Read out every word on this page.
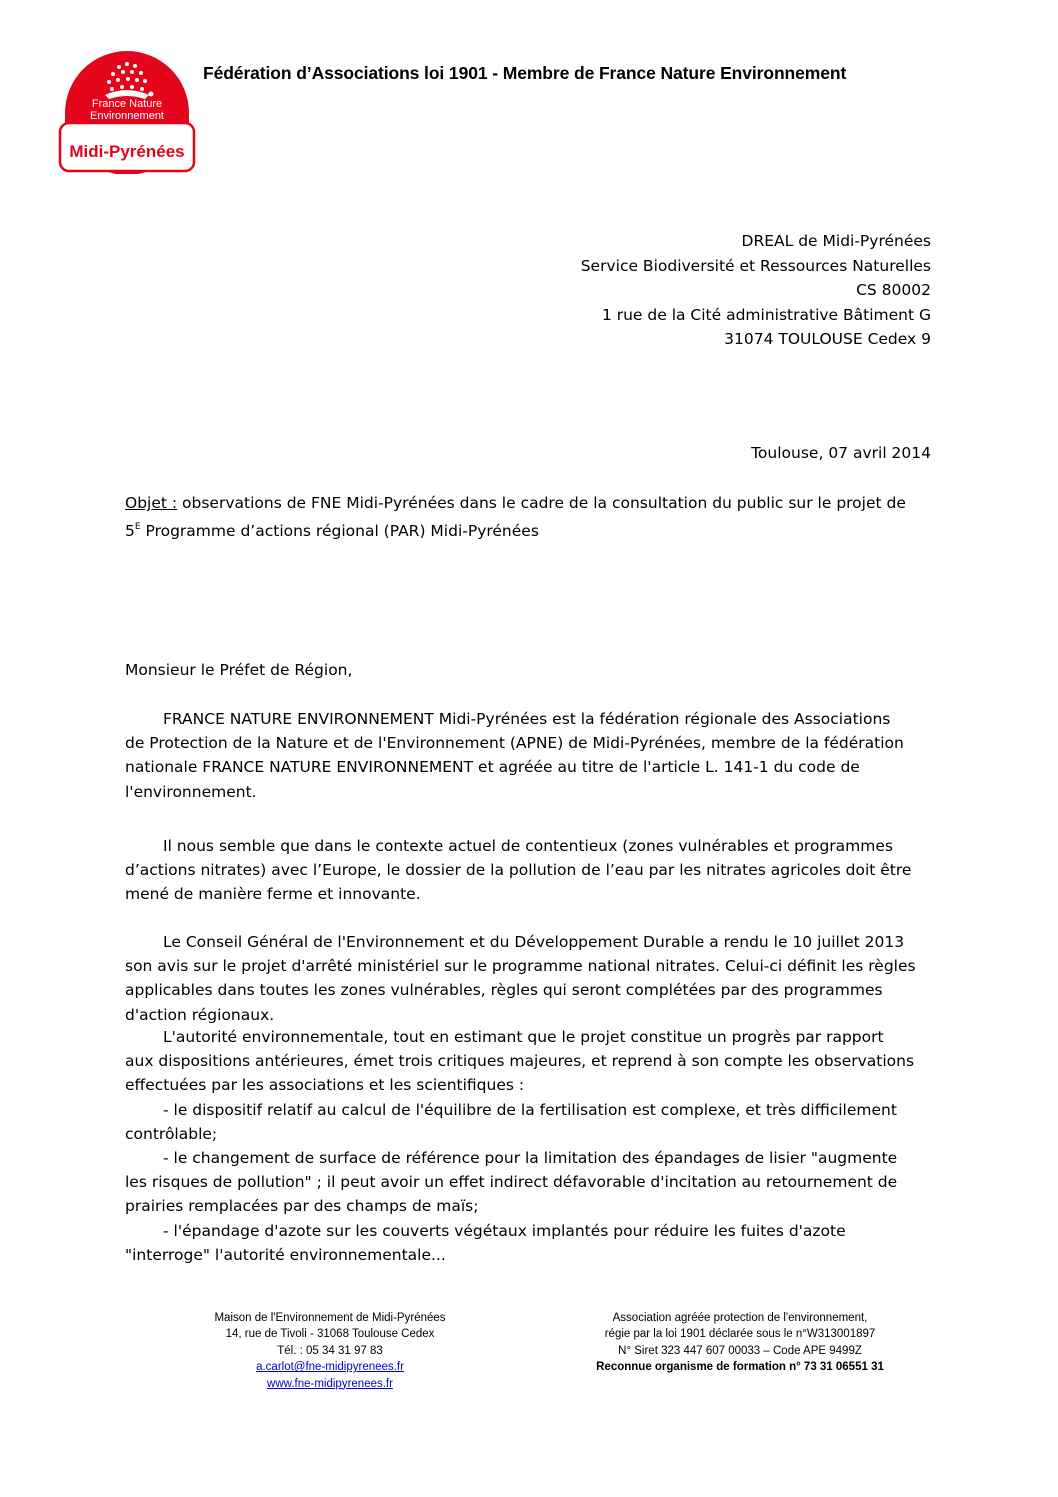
France Nature
Environnement
Midi-Pyrénées
Fédération d’Associations loi 1901 - Membre de France Nature Environnement
DREAL de Midi-Pyrénées
Service Biodiversité et Ressources Naturelles
CS 80002
1 rue de la Cité administrative Bâtiment G
31074 TOULOUSE Cedex 9
Toulouse, 07 avril 2014
Objet : observations de FNE Midi-Pyrénées dans le cadre de la consultation du public sur le projet de
$5^E$ Programme d’actions régional (PAR) Midi-Pyrénées
Monsieur le Préfet de Région,
FRANCE NATURE ENVIRONNEMENT Midi-Pyrénées est la fédération régionale des Associations
de Protection de la Nature et de l'Environnement (APNE) de Midi-Pyrénées, membre de la fédération
nationale FRANCE NATURE ENVIRONNEMENT et agréée au titre de l'article L. 141-1 du code de
l'environnement.
Il nous semble que dans le contexte actuel de contentieux (zones vulnérables et programmes
d’actions nitrates) avec l’Europe, le dossier de la pollution de l’eau par les nitrates agricoles doit être
mené de manière ferme et innovante.
Le Conseil Général de l'Environnement et du Développement Durable a rendu le 10 juillet 2013
son avis sur le projet d'arrêté ministériel sur le programme national nitrates. Celui-ci définit les règles
applicables dans toutes les zones vulnérables, règles qui seront complétées par des programmes
d'action régionaux.
L'autorité environnementale, tout en estimant que le projet constitue un progrès par rapport
aux dispositions antérieures, émet trois critiques majeures, et reprend à son compte les observations
effectuées par les associations et les scientifiques :
- le dispositif relatif au calcul de l'équilibre de la fertilisation est complexe, et très difficilement
contrôlable;
- le changement de surface de référence pour la limitation des épandages de lisier "augmente
les risques de pollution" ; il peut avoir un effet indirect défavorable d'incitation au retournement de
prairies remplacées par des champs de maïs;
- l'épandage d'azote sur les couverts végétaux implantés pour réduire les fuites d'azote
"interroge" l'autorité environnementale...
Maison de l'Environnement de Midi-Pyrénées
14, rue de Tivoli - 31068 Toulouse Cedex
Tél. : 05 34 31 97 83
a.carlot@fne-midipyrenees.fr
www.fne-midipyrenees.fr
Association agréée protection de l'environnement,
régie par la loi 1901 déclarée sous le n°W313001897
N° Siret 323 447 607 00033 – Code APE 9499Z
Reconnue organisme de formation n° 73 31 06551 31
